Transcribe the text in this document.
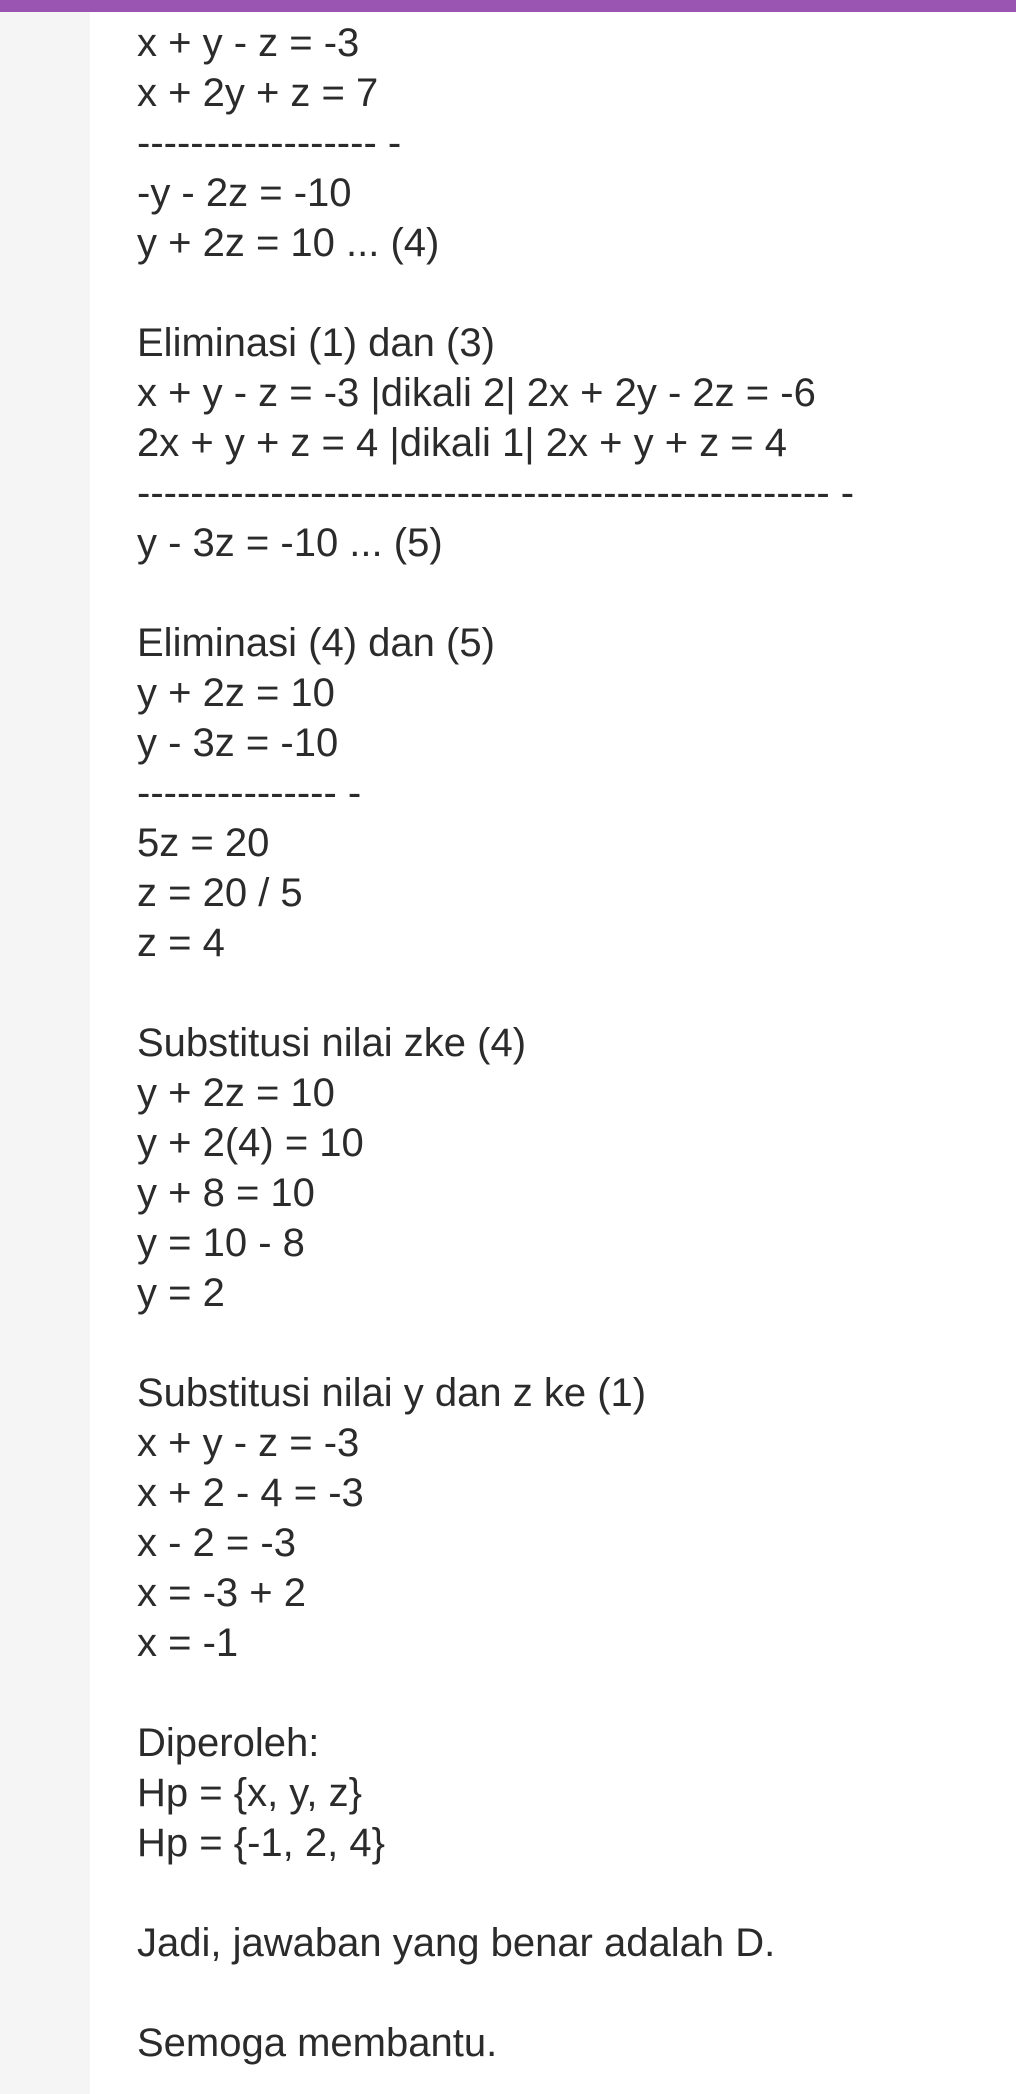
x + y - z = -3
x + 2y + z = 7
------------------ -
-y - 2z = -10
y + 2z = 10 ... (4)
Eliminasi (1) dan (3)
x + y - z = -3 |dikali 2| 2x + 2y - 2z = -6
2x + y + z = 4 |dikali 1| 2x + y + z = 4
---------------------------------------------------- -
y - 3z = -10 ... (5)
Eliminasi (4) dan (5)
y + 2z = 10
y - 3z = -10
--------------- -
5z = 20
z = 20 / 5
z = 4
Substitusi nilai zke (4)
y + 2z = 10
y + 2(4) = 10
y + 8 = 10
y = 10 - 8
y = 2
Substitusi nilai y dan z ke (1)
x + y - z = -3
x + 2 - 4 = -3
x - 2 = -3
x = -3 + 2
x = -1
Diperoleh:
Hp = {x, y, z}
Hp = {-1, 2, 4}
Jadi, jawaban yang benar adalah D.
Semoga membantu.
